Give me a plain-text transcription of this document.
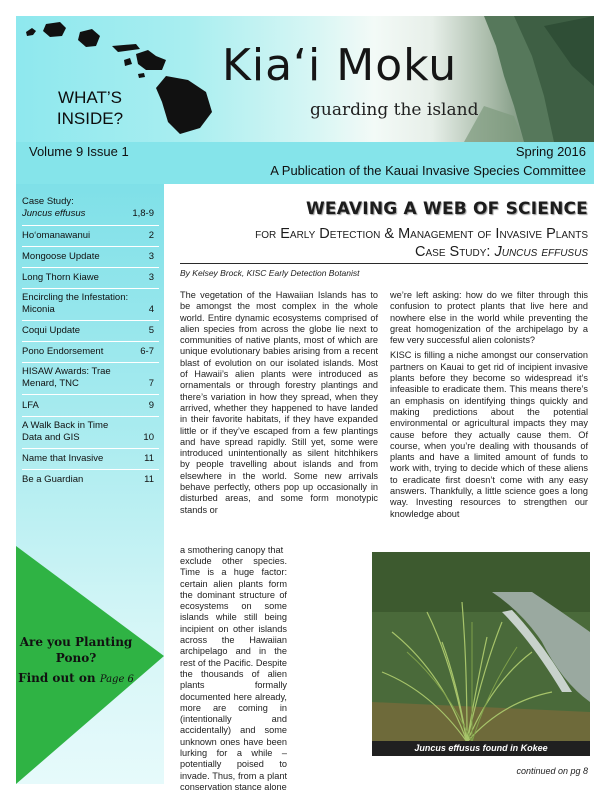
WHAT’S
INSIDE?
Kia‘i Moku
guarding the island
Volume 9 Issue 1	Spring 2016
A Publication of the Kauai Invasive Species Committee
Case Study:
Juncus effusus	1,8-9
Ho‘omanawanui	2
Mongoose Update	3
Long Thorn Kiawe	3
Encircling the Infestation: Miconia	4
Coqui Update	5
Pono Endorsement	6-7
HISAW Awards: Trae Menard, TNC	7
LFA	9
A Walk Back in Time Data and GIS	10
Name that Invasive	11
Be a Guardian	11
Are you Planting
Pono?
Find out on Page 6
WEAVING A WEB OF SCIENCE
for Early Detection & Management of Invasive Plants
Case Study: Juncus effusus
By Kelsey Brock, KISC Early Detection Botanist

The vegetation of the Hawaiian Islands has to be amongst the most complex in the whole world. Entire dynamic ecosystems comprised of alien species from across the globe lie next to communities of native plants, most of which are unique evolutionary babies arising from a recent blast of evolution on our isolated islands. Most of Hawaii’s alien plants were introduced as ornamentals or through forestry plantings and there’s variation in how they spread, when they arrived, whether they happened to have landed in their favorite habitats, if they have expanded little or if they’ve escaped from a few plantings and have spread rapidly. Still yet, some were introduced unintentionally as silent hitchhikers by people travelling about islands and from elsewhere in the world. Some new arrivals behave perfectly, others pop up occasionally in disturbed areas, and some form monotypic stands or

a smothering canopy that

exclude other species. Time is a huge factor: certain alien plants form the dominant structure of ecosystems on some islands while still being incipient on other islands across the Hawaiian archipelago and in the rest of the Pacific. Despite the thousands of alien plants formally documented here already, more are coming in (intentionally and accidentally) and some unknown ones have been lurking for a while – potentially poised to invade. Thus, from a plant conservation stance alone

we’re left asking: how do we filter through this confusion to protect plants that live here and nowhere else in the world while preventing the great homogenization of the archipelago by a few very successful alien colonists?

KISC is filling a niche amongst our conservation partners on Kauai to get rid of incipient invasive plants before they become so widespread it’s infeasible to eradicate them. This means there’s an emphasis on identifying things quickly and making predictions about the potential environmental or agricultural impacts they may cause before they actually cause them. Of course, when you’re dealing with thousands of plants and have a limited amount of funds to work with, trying to decide which of these aliens to eradicate first doesn’t come with any easy answers. Thankfully, a little science goes a long way. Investing resources to strengthen our knowledge about

Juncus effusus found in Kokee
continued on pg 8
